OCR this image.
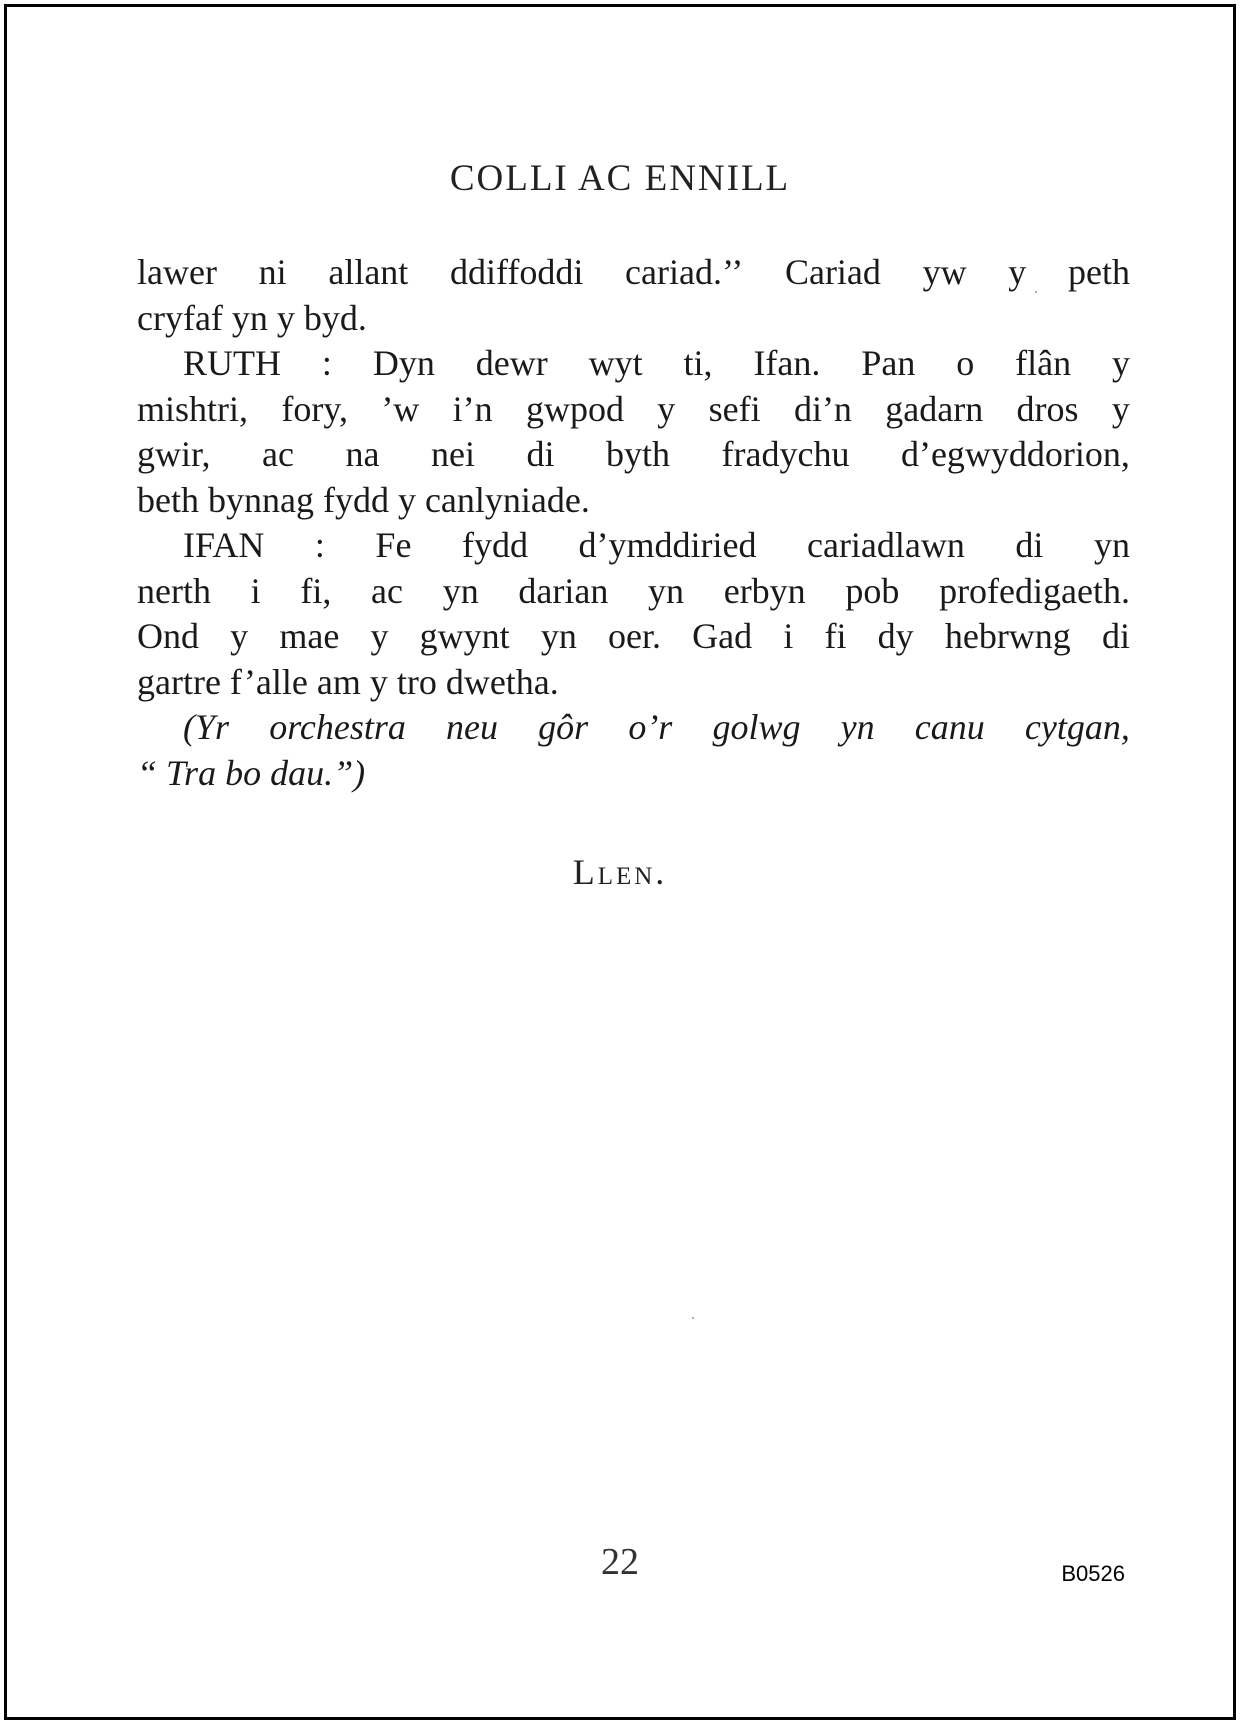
COLLI AC ENNILL
lawer ni allant ddiffoddi cariad.’’ Cariad yw y peth
cryfaf yn y byd.
RUTH : Dyn dewr wyt ti, Ifan. Pan o flân y
mishtri, fory, ’w i’n gwpod y sefi di’n gadarn dros y
gwir, ac na nei di byth fradychu d’egwyddorion,
beth bynnag fydd y canlyniade.
IFAN : Fe fydd d’ymddiried cariadlawn di yn
nerth i fi, ac yn darian yn erbyn pob profedigaeth.
Ond y mae y gwynt yn oer. Gad i fi dy hebrwng di
gartre f’alle am y tro dwetha.
(Yr orchestra neu gôr o’r golwg yn canu cytgan,
“ Tra bo dau.”)
Llen.
22	B0526
